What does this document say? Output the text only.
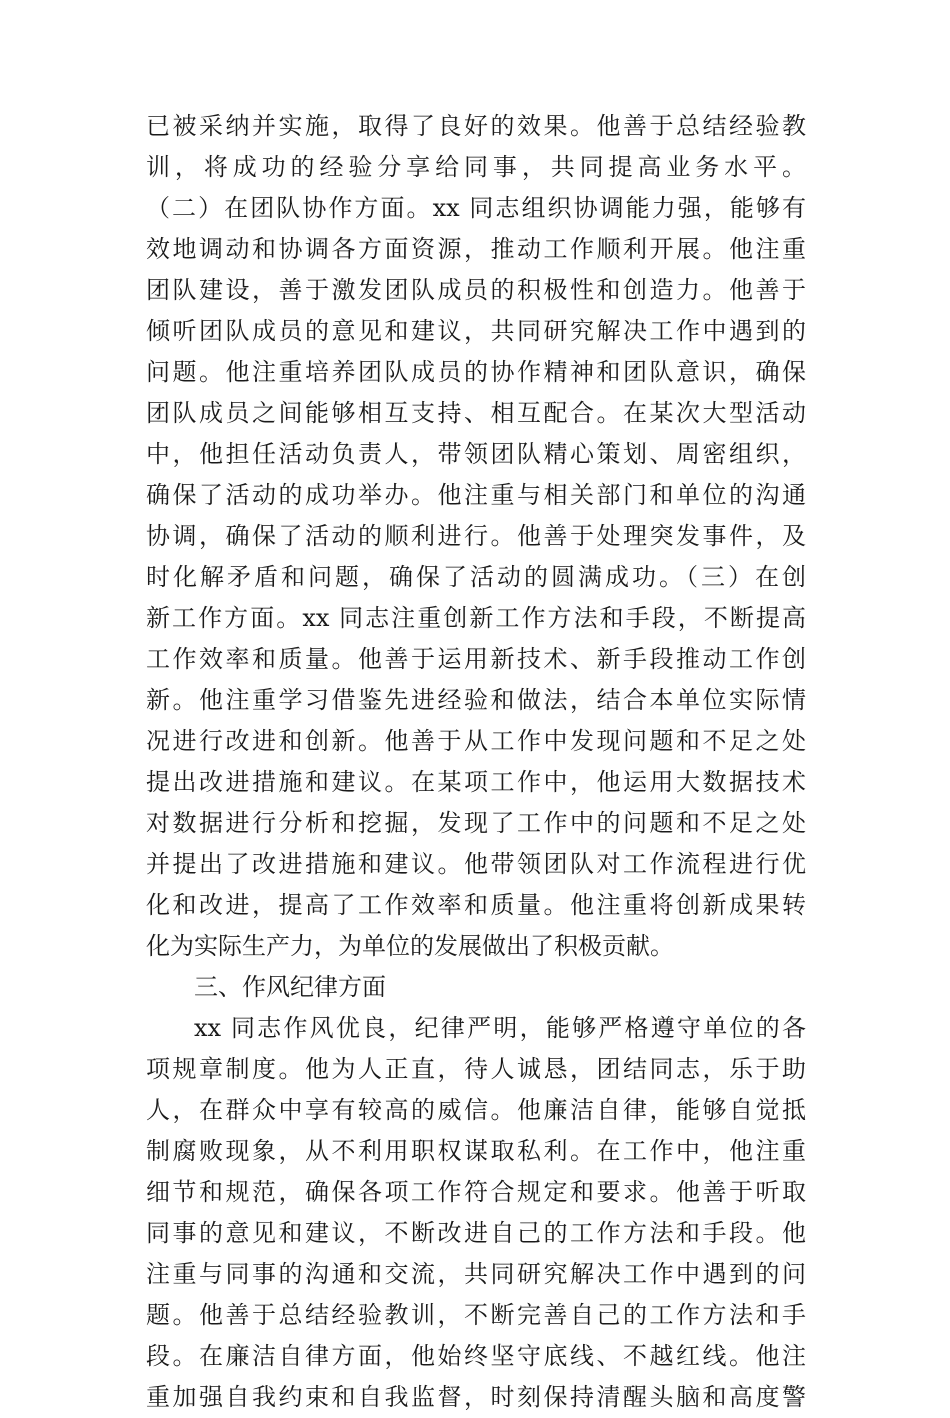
已被采纳并实施，取得了良好的效果。他善于总结经验教
训，将成功的经验分享给同事，共同提高业务水平。
（二）在团队协作方面。xx 同志组织协调能力强，能够有
效地调动和协调各方面资源，推动工作顺利开展。他注重
团队建设，善于激发团队成员的积极性和创造力。他善于
倾听团队成员的意见和建议，共同研究解决工作中遇到的
问题。他注重培养团队成员的协作精神和团队意识，确保
团队成员之间能够相互支持、相互配合。在某次大型活动
中，他担任活动负责人，带领团队精心策划、周密组织，
确保了活动的成功举办。他注重与相关部门和单位的沟通
协调，确保了活动的顺利进行。他善于处理突发事件，及
时化解矛盾和问题，确保了活动的圆满成功。（三）在创
新工作方面。xx 同志注重创新工作方法和手段，不断提高
工作效率和质量。他善于运用新技术、新手段推动工作创
新。他注重学习借鉴先进经验和做法，结合本单位实际情
况进行改进和创新。他善于从工作中发现问题和不足之处
提出改进措施和建议。在某项工作中，他运用大数据技术
对数据进行分析和挖掘，发现了工作中的问题和不足之处
并提出了改进措施和建议。他带领团队对工作流程进行优
化和改进，提高了工作效率和质量。他注重将创新成果转
化为实际生产力，为单位的发展做出了积极贡献。
三、作风纪律方面
xx 同志作风优良，纪律严明，能够严格遵守单位的各
项规章制度。他为人正直，待人诚恳，团结同志，乐于助
人，在群众中享有较高的威信。他廉洁自律，能够自觉抵
制腐败现象，从不利用职权谋取私利。在工作中，他注重
细节和规范，确保各项工作符合规定和要求。他善于听取
同事的意见和建议，不断改进自己的工作方法和手段。他
注重与同事的沟通和交流，共同研究解决工作中遇到的问
题。他善于总结经验教训，不断完善自己的工作方法和手
段。在廉洁自律方面，他始终坚守底线、不越红线。他注
重加强自我约束和自我监督，时刻保持清醒头脑和高度警
